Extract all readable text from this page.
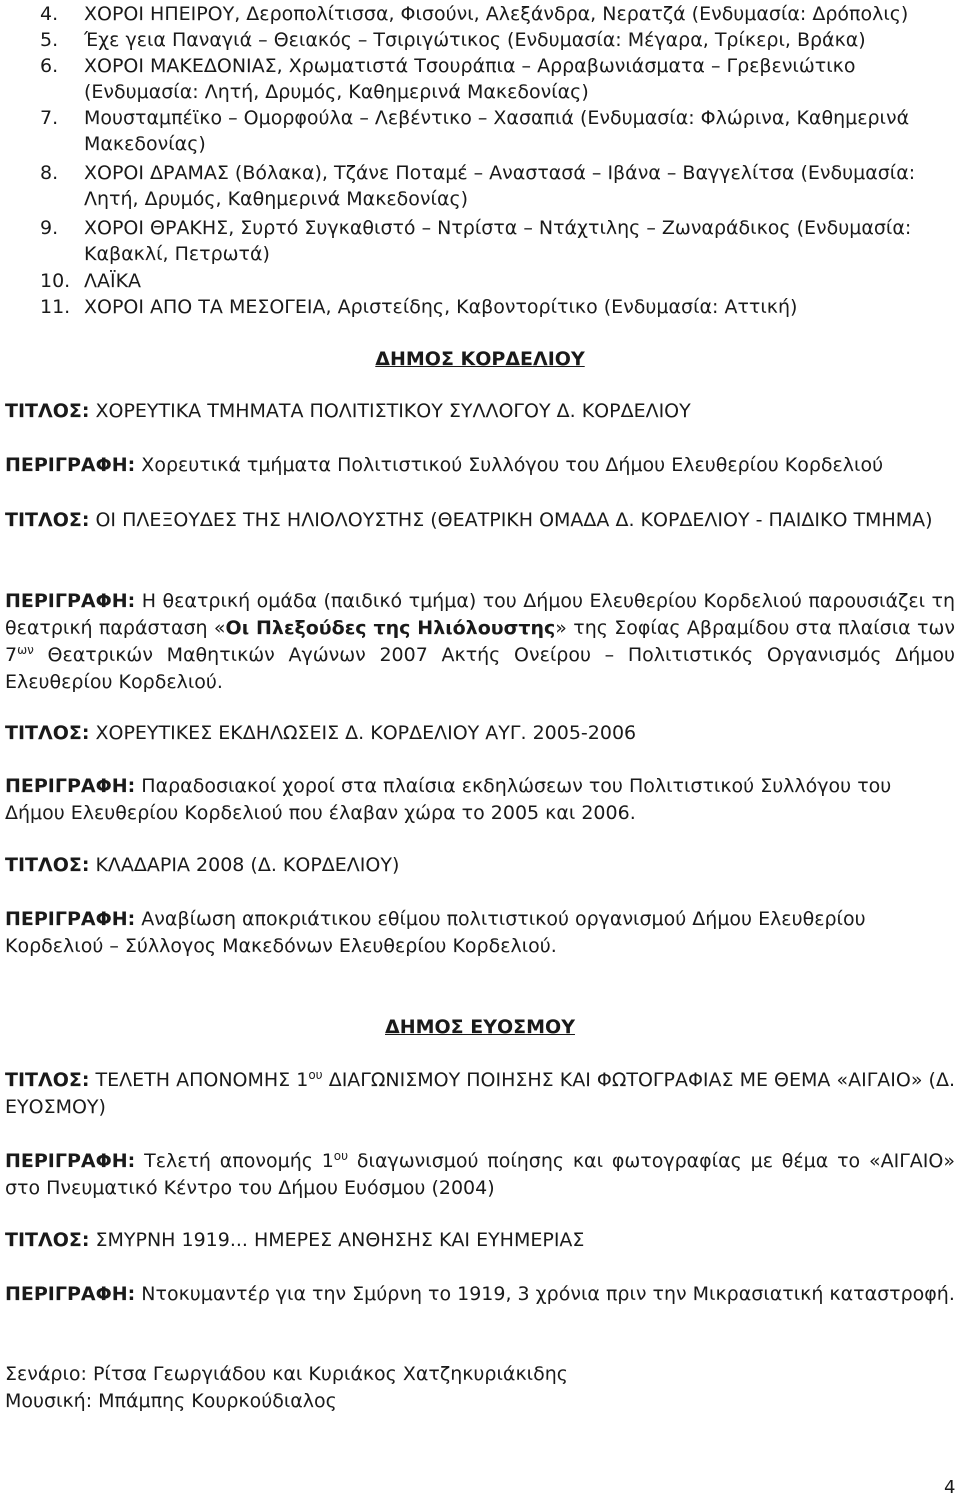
4. ΧΟΡΟΙ ΗΠΕΙΡΟΥ, Δεροπολίτισσα, Φισούνι, Αλεξάνδρα, Νερατζά (Ενδυμασία: Δρόπολις)
5. Έχε γεια Παναγιά – Θειακός – Τσιριγώτικος (Ενδυμασία: Μέγαρα, Τρίκερι, Βράκα)
6. ΧΟΡΟΙ ΜΑΚΕΔΟΝΙΑΣ, Χρωματιστά Τσουράπια – Αρραβωνιάσματα – Γρεβενιώτικο (Ενδυμασία: Λητή, Δρυμός, Καθημερινά Μακεδονίας)
7. Μουσταμπέϊκο – Ομορφούλα – Λεβέντικο – Χασαπιά (Ενδυμασία: Φλώρινα, Καθημερινά Μακεδονίας)
8. ΧΟΡΟΙ ΔΡΑΜΑΣ (Βόλακα), Τζάνε Ποταμέ – Αναστασά – Ιβάνα – Βαγγελίτσα (Ενδυμασία: Λητή, Δρυμός, Καθημερινά Μακεδονίας)
9. ΧΟΡΟΙ ΘΡΑΚΗΣ, Συρτό Συγκαθιστό – Ντρίστα – Ντάχτιλης – Ζωναράδικος (Ενδυμασία: Καβακλί, Πετρωτά)
10. ΛΑΪΚΑ
11. ΧΟΡΟΙ ΑΠΟ ΤΑ ΜΕΣΟΓΕΙΑ, Αριστείδης, Καβοντορίτικο (Ενδυμασία: Αττική)

ΔΗΜΟΣ ΚΟΡΔΕΛΙΟΥ

ΤΙΤΛΟΣ: ΧΟΡΕΥΤΙΚΑ ΤΜΗΜΑΤΑ ΠΟΛΙΤΙΣΤΙΚΟΥ ΣΥΛΛΟΓΟΥ Δ. ΚΟΡΔΕΛΙΟΥ

ΠΕΡΙΓΡΑΦΗ: Χορευτικά τμήματα Πολιτιστικού Συλλόγου του Δήμου Ελευθερίου Κορδελιού

ΤΙΤΛΟΣ: ΟΙ ΠΛΕΞΟΥΔΕΣ ΤΗΣ ΗΛΙΟΛΟΥΣΤΗΣ (ΘΕΑΤΡΙΚΗ ΟΜΑΔΑ Δ. ΚΟΡΔΕΛΙΟΥ - ΠΑΙΔΙΚΟ ΤΜΗΜΑ)

ΠΕΡΙΓΡΑΦΗ: Η θεατρική ομάδα (παιδικό τμήμα) του Δήμου Ελευθερίου Κορδελιού παρουσιάζει τη θεατρική παράσταση «Οι Πλεξούδες της Ηλιόλουστης» της Σοφίας Αβραμίδου στα πλαίσια των $7^{\omega\nu}$ Θεατρικών Μαθητικών Αγώνων 2007 Ακτής Ονείρου – Πολιτιστικός Οργανισμός Δήμου Ελευθερίου Κορδελιού.

ΤΙΤΛΟΣ: ΧΟΡΕΥΤΙΚΕΣ ΕΚΔΗΛΩΣΕΙΣ Δ. ΚΟΡΔΕΛΙΟΥ ΑΥΓ. 2005-2006

ΠΕΡΙΓΡΑΦΗ: Παραδοσιακοί χοροί στα πλαίσια εκδηλώσεων του Πολιτιστικού Συλλόγου του Δήμου Ελευθερίου Κορδελιού που έλαβαν χώρα το 2005 και 2006.

ΤΙΤΛΟΣ: ΚΛΑΔΑΡΙΑ 2008 (Δ. ΚΟΡΔΕΛΙΟΥ)

ΠΕΡΙΓΡΑΦΗ: Αναβίωση αποκριάτικου εθίμου πολιτιστικού οργανισμού Δήμου Ελευθερίου Κορδελιού – Σύλλογος Μακεδόνων Ελευθερίου Κορδελιού.

ΔΗΜΟΣ ΕΥΟΣΜΟΥ

ΤΙΤΛΟΣ: ΤΕΛΕΤΗ ΑΠΟΝΟΜΗΣ $1^{o\upsilon}$ ΔΙΑΓΩΝΙΣΜΟΥ ΠΟΙΗΣΗΣ ΚΑΙ ΦΩΤΟΓΡΑΦΙΑΣ ΜΕ ΘΕΜΑ «ΑΙΓΑΙΟ» (Δ. ΕΥΟΣΜΟΥ)

ΠΕΡΙΓΡΑΦΗ: Τελετή απονομής $1^{o\upsilon}$ διαγωνισμού ποίησης και φωτογραφίας με θέμα το «ΑΙΓΑΙΟ» στο Πνευματικό Κέντρο του Δήμου Ευόσμου (2004)

ΤΙΤΛΟΣ: ΣΜΥΡΝΗ 1919... ΗΜΕΡΕΣ ΑΝΘΗΣΗΣ ΚΑΙ ΕΥΗΜΕΡΙΑΣ

ΠΕΡΙΓΡΑΦΗ: Ντοκυμαντέρ για την Σμύρνη το 1919, 3 χρόνια πριν την Μικρασιατική καταστροφή.

Σενάριο: Ρίτσα Γεωργιάδου και Κυριάκος Χατζηκυριάκιδης

Μουσική: Μπάμπης Κουρκούδιαλος

4
